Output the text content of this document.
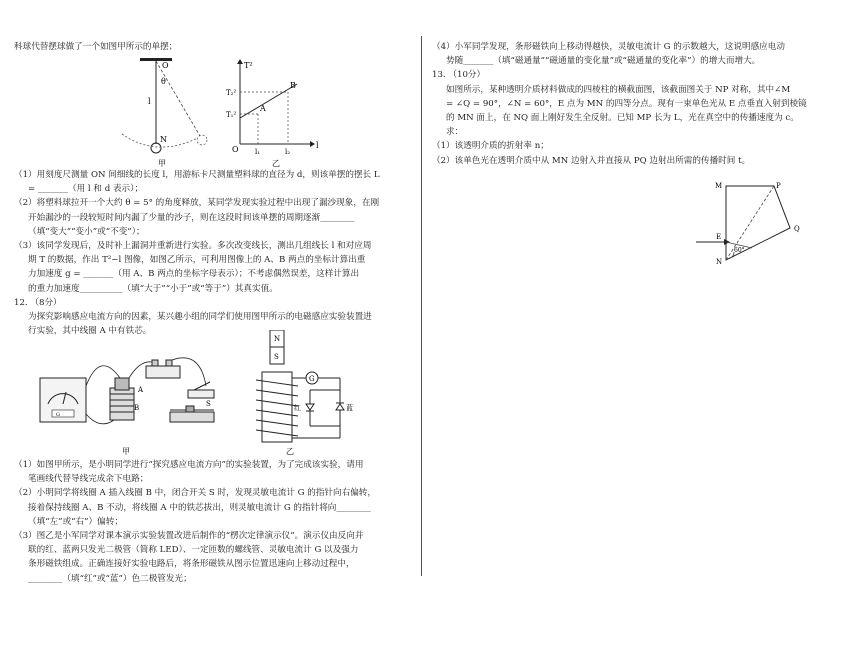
科球代替摆球做了一个如图甲所示的单摆；

O
θ
l
N
T²
l
O
T₂²
T₁²
l₁	l₂
A
B
甲	乙

（1）用刻度尺测量 ON 间细线的长度 l，用游标卡尺测量塑料球的直径为 d，则该单摆的摆长 L

= _______（用 l 和 d 表示）；

（2）将塑料球拉开一个大约 θ = 5° 的角度释放，某同学发现实验过程中出现了漏沙现象，在刚

开始漏沙的一段较短时间内漏了少量的沙子，则在这段时间该单摆的周期逐渐________

（填“变大”“变小”或“不变”）；

（3）该同学发现后，及时补上漏洞并重新进行实验。多次改变线长，测出几组线长 l 和对应周

期 T 的数据，作出 T²−l 图像，如图乙所示，可利用图像上的 A、B 两点的坐标计算出重

力加速度 g = _______（用 A、B 两点的坐标字母表示）；不考虑偶然误差，这样计算出

的重力加速度__________（填“大于”“小于”或“等于”）其真实值。

12. （8分）

为探究影响感应电流方向的因素，某兴趣小组的同学们使用图甲所示的电磁感应实验装置进

行实验，其中线圈 A 中有铁芯。

G
A
B	S
甲
N
S
G
红	蓝
乙

（1）如图甲所示，是小明同学进行“探究感应电流方向”的实验装置，为了完成该实验，请用

笔画线代替导线完成余下电路；

（2）小明同学将线圈 A 插入线圈 B 中，闭合开关 S 时，发现灵敏电流计 G 的指针向右偏转，

接着保持线圈 A、B 不动，将线圈 A 中的铁芯拔出，则灵敏电流计 G 的指针将向________

（填“左”或“右”）偏转；

（3）图乙是小军同学对课本演示实验装置改进后制作的“楞次定律演示仪”。演示仪由反向并

联的红、蓝两只发光二极管（简称 LED）、一定匝数的螺线管、灵敏电流计 G 以及强力

条形磁铁组成。正确连接好实验电路后，将条形磁铁从图示位置迅速向上移动过程中，

________（填“红”或“蓝”）色二极管发光；

（4）小军同学发现，条形磁铁向上移动得越快，灵敏电流计 G 的示数越大，这说明感应电动

势随_______（填“磁通量”“磁通量的变化量”或“磁通量的变化率”）的增大而增大。

13. （10分）

如图所示，某种透明介质材料做成的四棱柱的横截面图，该截面图关于 NP 对称，其中∠M

= ∠Q = 90°，∠N = 60°，E 点为 MN 的四等分点。现有一束单色光从 E 点垂直入射到棱镜

的 MN 面上，在 NQ 面上刚好发生全反射。已知 MP 长为 L，光在真空中的传播速度为 c。

求：

（1）该透明介质的折射率 n；

（2）该单色光在透明介质中从 MN 边射入并直接从 PQ 边射出所需的传播时间 t。

M	P
Q
E
N
60°
